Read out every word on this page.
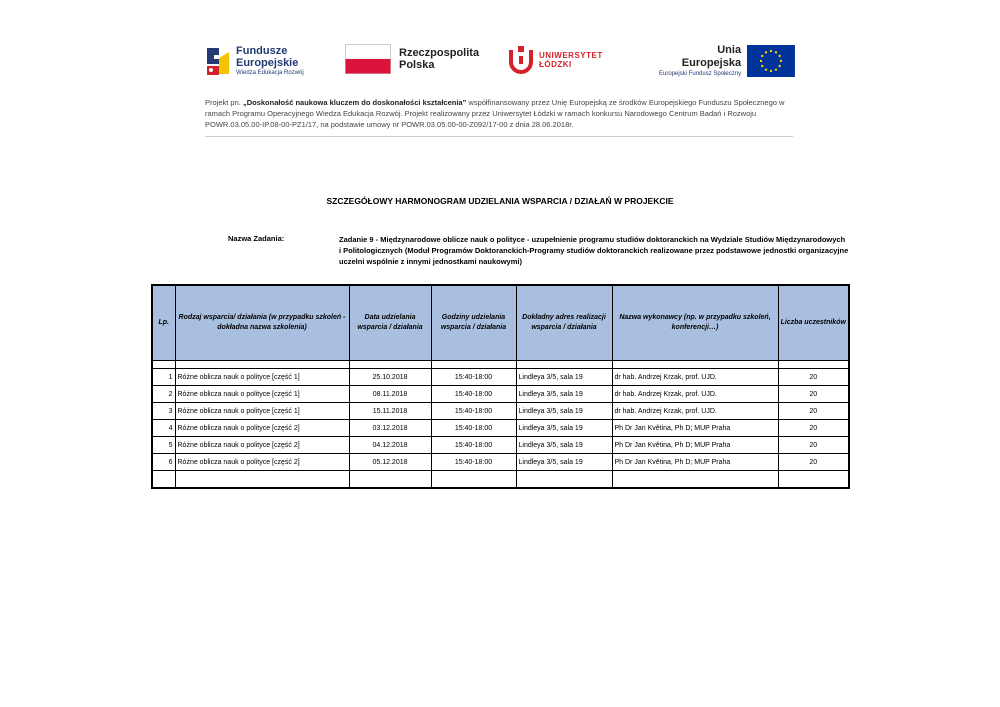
Fundusze
Europejskie
Wiedza Edukacja Rozwój
Rzeczpospolita
Polska
UNIWERSYTET
ŁÓDZKI
Unia Europejska
Europejski Fundusz Społeczny
Projekt pn. „Doskonałość naukowa kluczem do doskonałości kształcenia” współfinansowany przez Unię Europejską ze środków Europejskiego Funduszu Społecznego w ramach Programu Operacyjnego Wiedza Edukacja Rozwój. Projekt realizowany przez Uniwersytet Łódzki w ramach konkursu Narodowego Centrum Badań i Rozwoju POWR.03.05.00-IP.08-00-PZ1/17, na podstawie umowy nr POWR.03.05.00-00-Z092/17-00 z dnia 28.06.2018r.
SZCZEGÓŁOWY HARMONOGRAM UDZIELANIA WSPARCIA / DZIAŁAŃ W PROJEKCIE
Nazwa Zadania:	Zadanie 9 - Międzynarodowe oblicze nauk o polityce - uzupełnienie programu studiów doktoranckich na Wydziale Studiów Międzynarodowych i Politologicznych (Moduł Programów Doktoranckich-Programy studiów doktoranckich realizowane przez podstawowe jednostki organizacyjne uczelni wspólnie z innymi jednostkami naukowymi)
Lp.	Rodzaj wsparcia/ działania (w przypadku szkoleń - dokładna nazwa szkolenia)	Data udzielania wsparcia / działania	Godziny udzielania wsparcia / działania	Dokładny adres realizacji wsparcia / działania	Nazwa wykonawcy (np. w przypadku szkoleń, konferencji…)	Liczba uczestników

1	Różne oblicza nauk o polityce [część 1]	25.10.2018	15:40-18:00	Lindleya 3/5, sala 19	dr hab. Andrzej Krzak, prof. UJD.	20
2	Różne oblicza nauk o polityce [część 1]	08.11.2018	15:40-18:00	Lindleya 3/5, sala 19	dr hab. Andrzej Krzak, prof. UJD.	20
3	Różne oblicza nauk o polityce [część 1]	15.11.2018	15:40-18:00	Lindleya 3/5, sala 19	dr hab. Andrzej Krzak, prof. UJD.	20
4	Różne oblicza nauk o polityce [część 2]	03.12.2018	15:40-18:00	Lindleya 3/5, sala 19	Ph Dr Jan Květina, Ph D; MUP Praha	20
5	Różne oblicza nauk o polityce [część 2]	04.12.2018	15:40-18:00	Lindleya 3/5, sala 19	Ph Dr Jan Květina, Ph D; MUP Praha	20
6	Różne oblicza nauk o polityce [część 2]	05.12.2018	15:40-18:00	Lindleya 3/5, sala 19	Ph Dr Jan Květina, Ph D; MUP Praha	20
